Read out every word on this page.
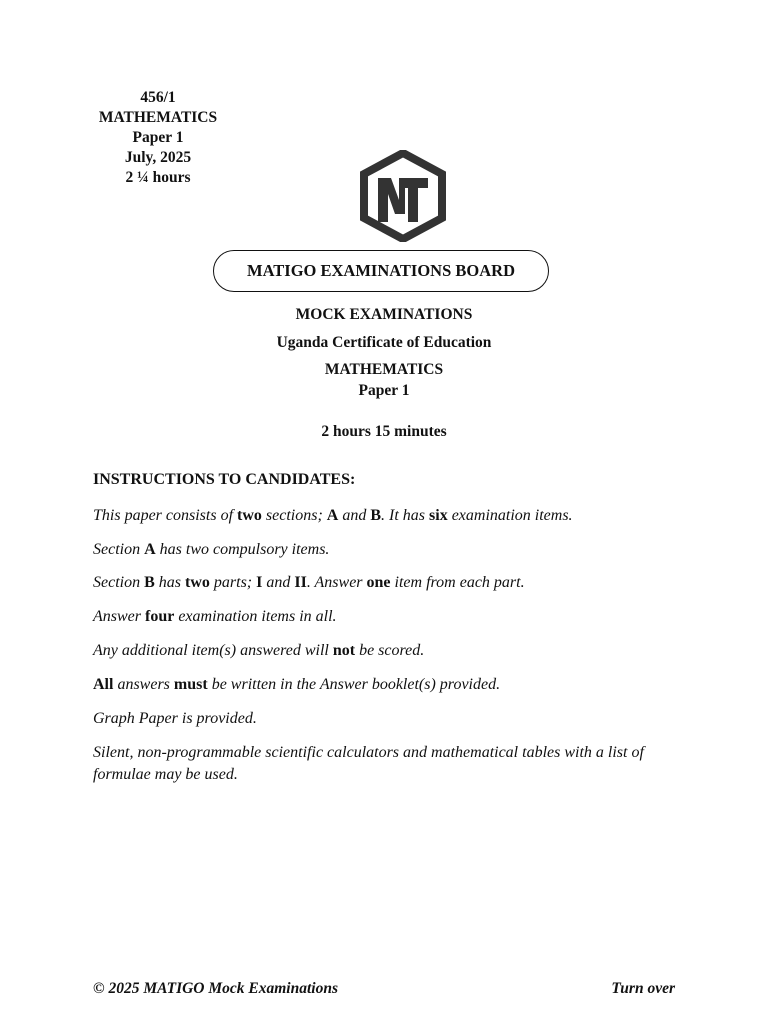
456/1
MATHEMATICS
Paper 1
July, 2025
2 ¼ hours
MATIGO EXAMINATIONS BOARD
MOCK EXAMINATIONS
Uganda Certificate of Education
MATHEMATICS
Paper 1
2 hours 15 minutes
INSTRUCTIONS TO CANDIDATES:
This paper consists of two sections; A and B. It has six examination items.
Section A has two compulsory items.
Section B has two parts; I and II. Answer one item from each part.
Answer four examination items in all.
Any additional item(s) answered will not be scored.
All answers must be written in the Answer booklet(s) provided.
Graph Paper is provided.
Silent, non-programmable scientific calculators and mathematical tables with a list of formulae may be used.
© 2025 MATIGO Mock Examinations	Turn over
